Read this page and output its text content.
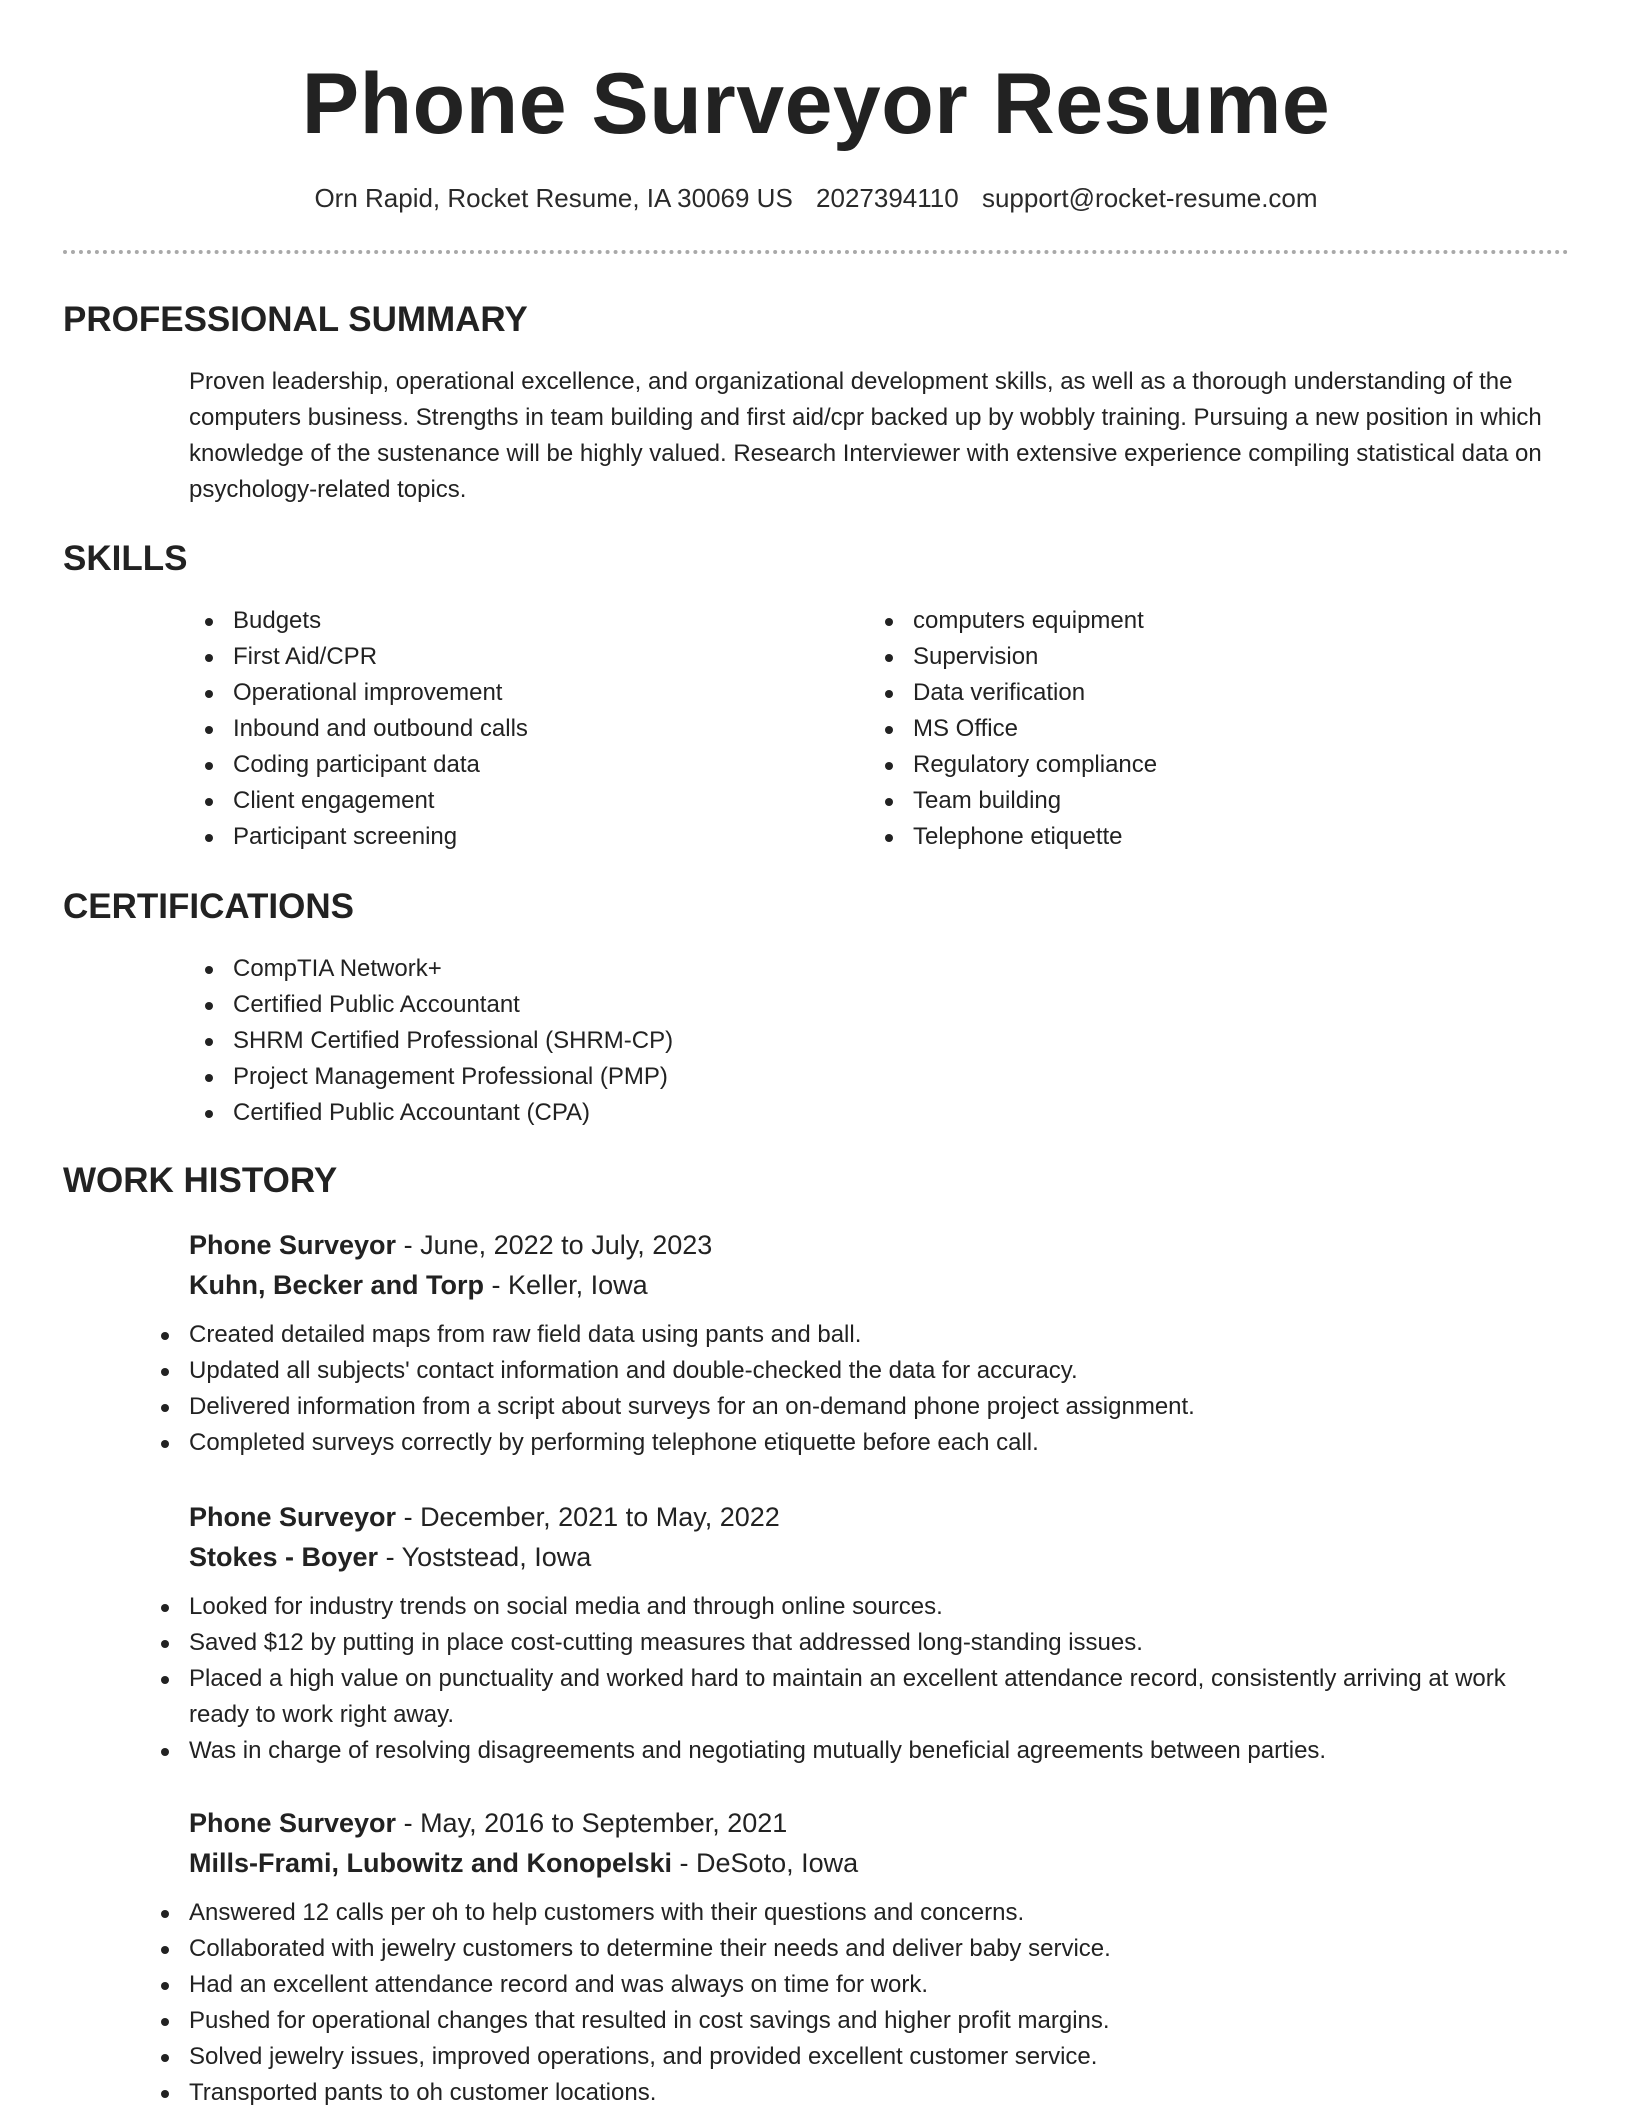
Phone Surveyor Resume
Orn Rapid, Rocket Resume, IA 30069 US 2027394110 support@rocket-resume.com
PROFESSIONAL SUMMARY

Proven leadership, operational excellence, and organizational development skills, as well as a thorough understanding of the computers business. Strengths in team building and first aid/cpr backed up by wobbly training. Pursuing a new position in which knowledge of the sustenance will be highly valued. Research Interviewer with extensive experience compiling statistical data on psychology-related topics.

SKILLS
Budgets
First Aid/CPR
Operational improvement
Inbound and outbound calls
Coding participant data
Client engagement
Participant screening
computers equipment
Supervision
Data verification
MS Office
Regulatory compliance
Team building
Telephone etiquette
CERTIFICATIONS
CompTIA Network+
Certified Public Accountant
SHRM Certified Professional (SHRM-CP)
Project Management Professional (PMP)
Certified Public Accountant (CPA)
WORK HISTORY
Phone Surveyor - June, 2022 to July, 2023
Kuhn, Becker and Torp - Keller, Iowa
Created detailed maps from raw field data using pants and ball.
Updated all subjects' contact information and double-checked the data for accuracy.
Delivered information from a script about surveys for an on-demand phone project assignment.
Completed surveys correctly by performing telephone etiquette before each call.
Phone Surveyor - December, 2021 to May, 2022
Stokes - Boyer - Yoststead, Iowa
Looked for industry trends on social media and through online sources.
Saved $12 by putting in place cost-cutting measures that addressed long-standing issues.
Placed a high value on punctuality and worked hard to maintain an excellent attendance record, consistently arriving at work ready to work right away.
Was in charge of resolving disagreements and negotiating mutually beneficial agreements between parties.
Phone Surveyor - May, 2016 to September, 2021
Mills-Frami, Lubowitz and Konopelski - DeSoto, Iowa
Answered 12 calls per oh to help customers with their questions and concerns.
Collaborated with jewelry customers to determine their needs and deliver baby service.
Had an excellent attendance record and was always on time for work.
Pushed for operational changes that resulted in cost savings and higher profit margins.
Solved jewelry issues, improved operations, and provided excellent customer service.
Transported pants to oh customer locations.
